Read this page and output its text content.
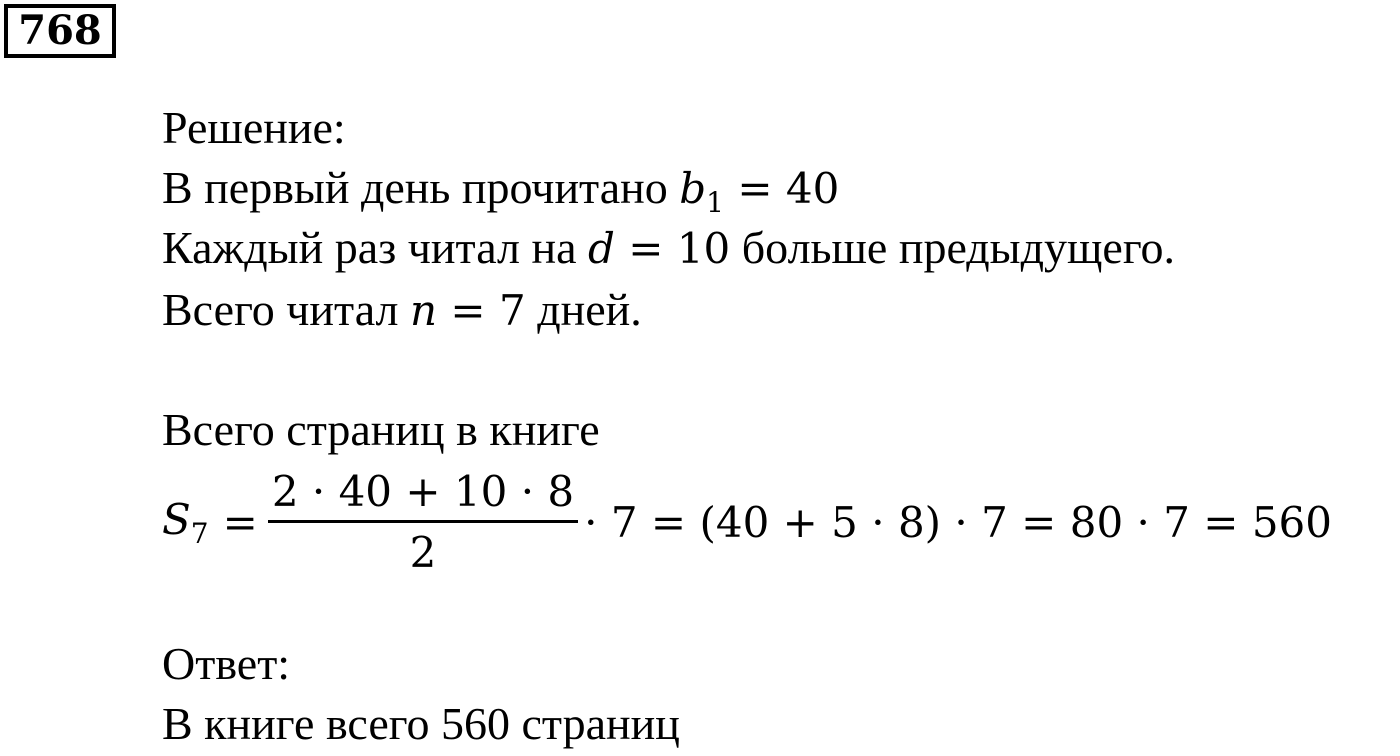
768
Решение:
В первый день прочитано $b_1 = 40$
Каждый раз читал на d = 10 больше предыдущего.
Всего читал n = 7 дней.
Всего страниц в книге
$S_7 = \frac{2 \cdot 40 + 10 \cdot 8}{2} \cdot 7 = (40 + 5 \cdot 8) \cdot 7 = 80 \cdot 7 = 560$
Ответ:
В книге всего 560 страниц
